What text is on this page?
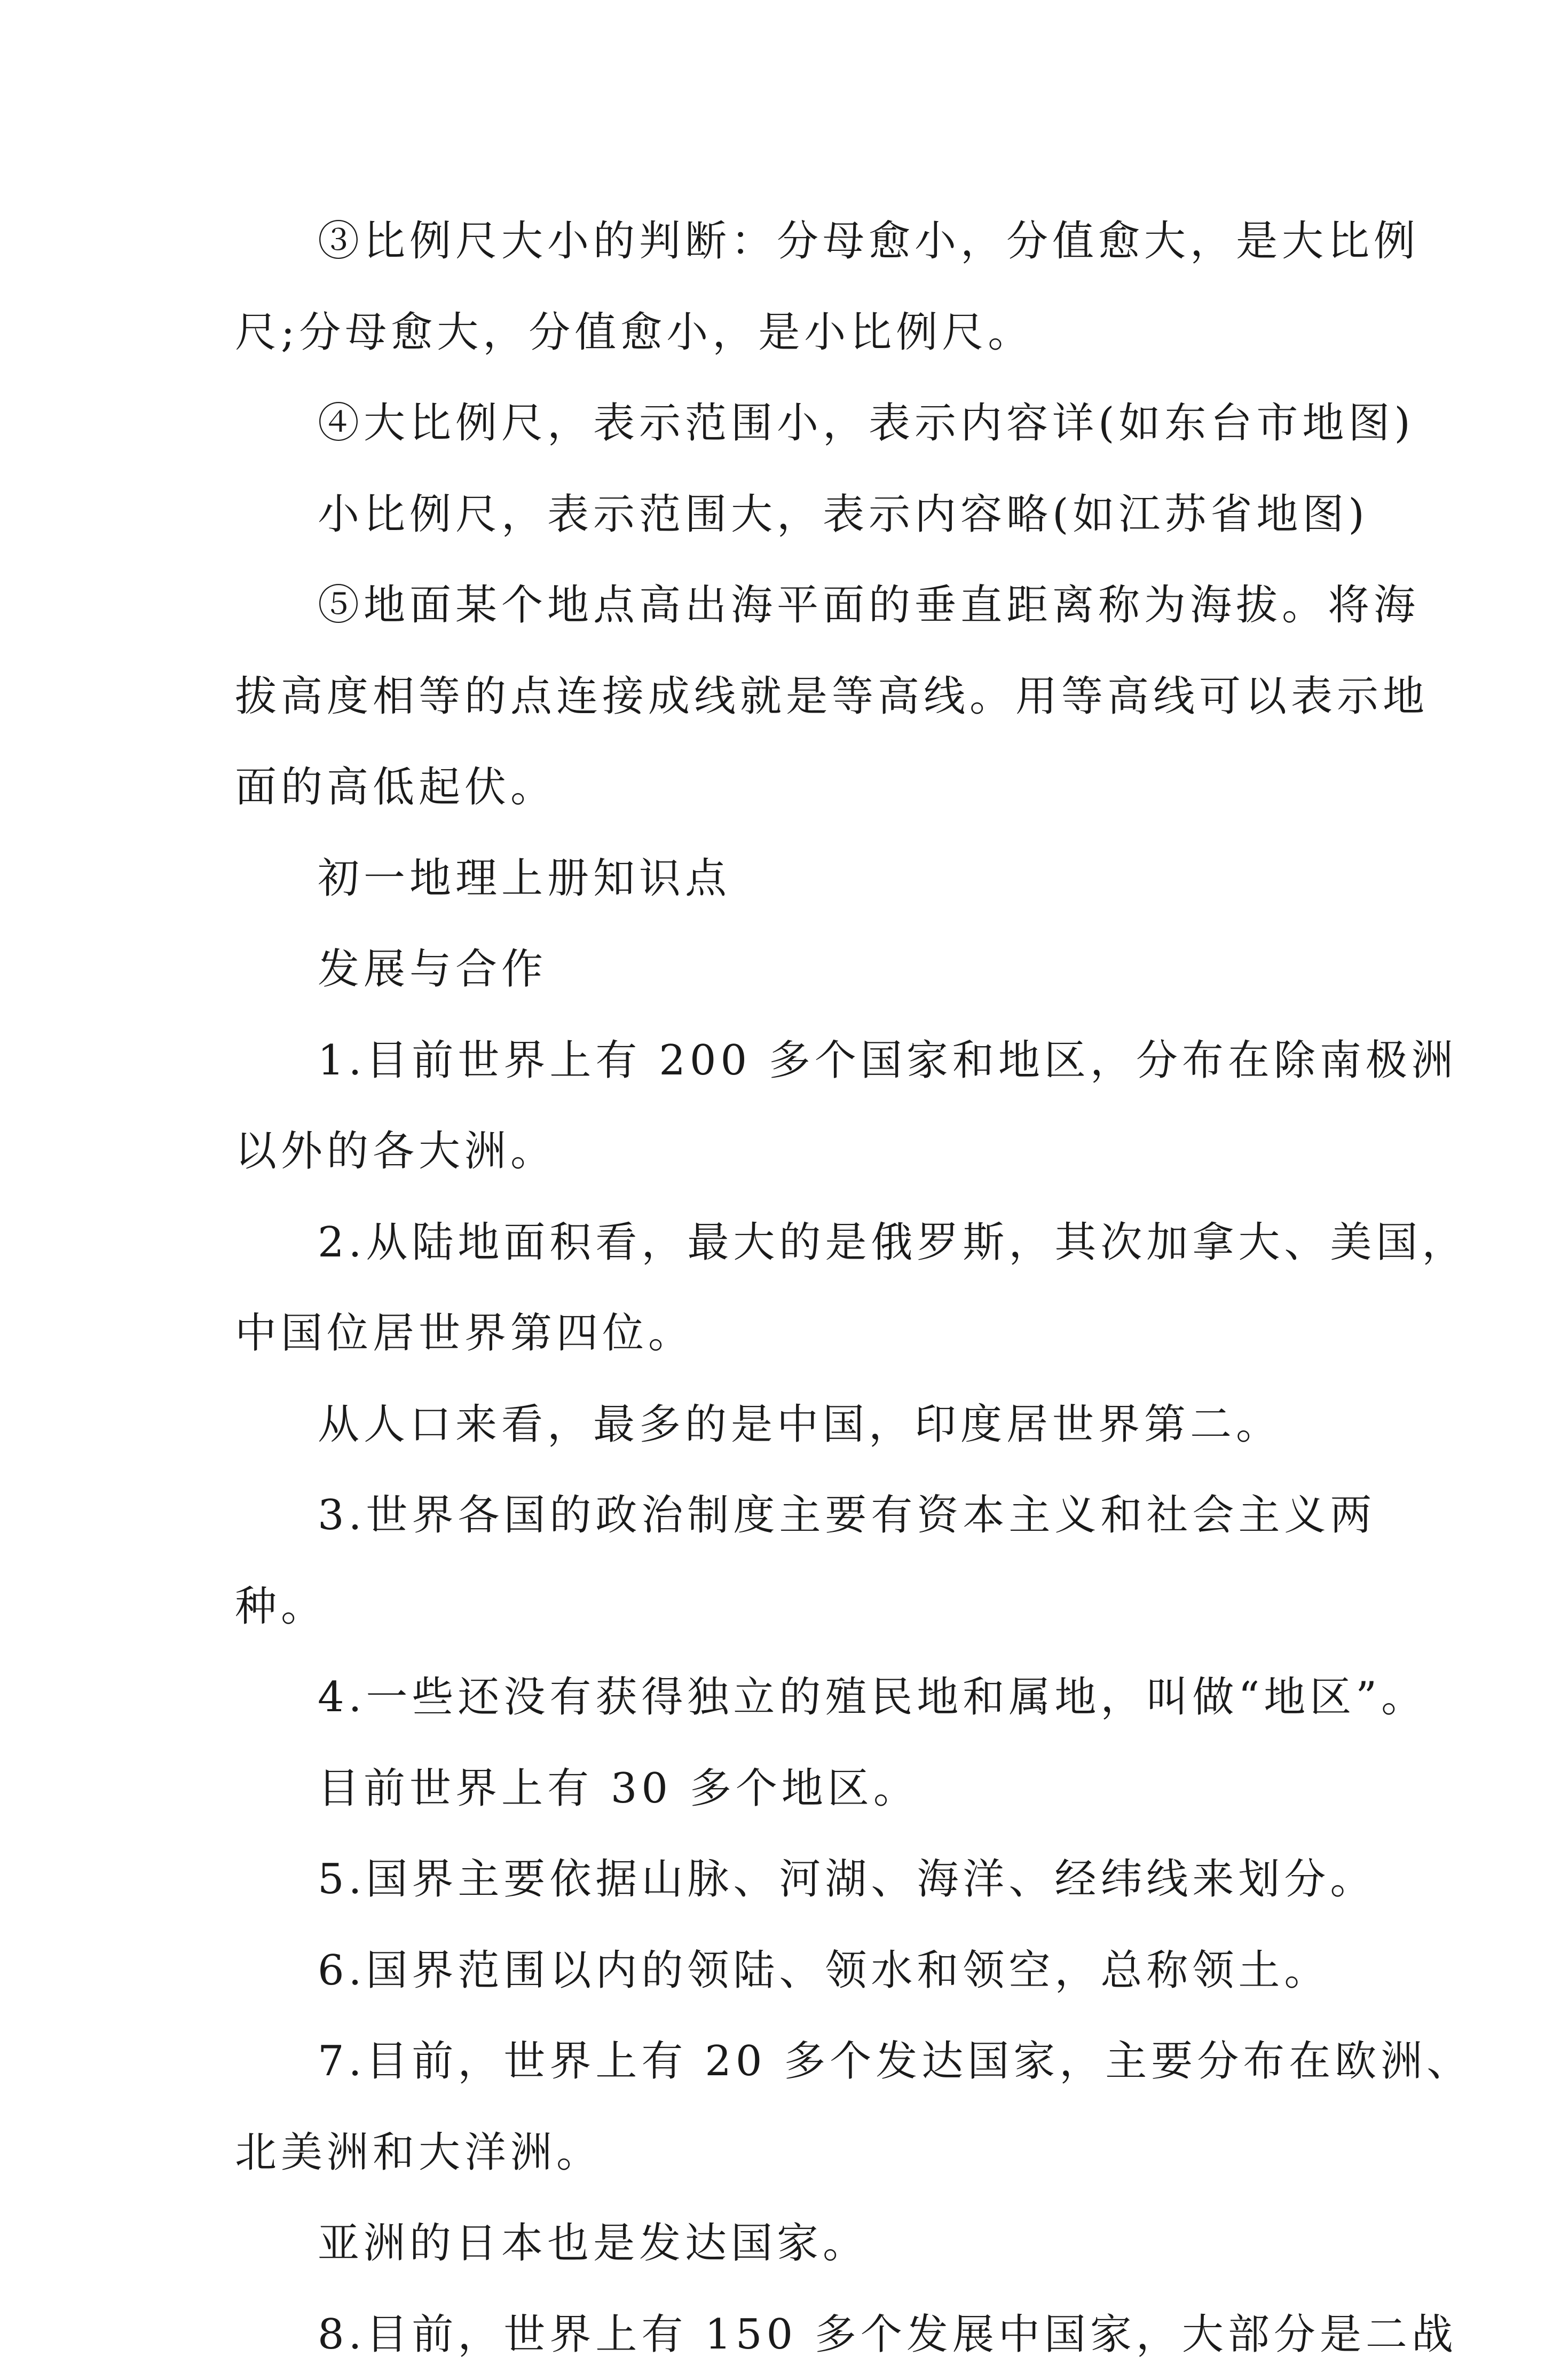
③比例尺大小的判断：分母愈小，分值愈大，是大比例
尺;分母愈大，分值愈小，是小比例尺。
④大比例尺，表示范围小，表示内容详(如东台市地图)
小比例尺，表示范围大，表示内容略(如江苏省地图)
⑤地面某个地点高出海平面的垂直距离称为海拔。将海
拔高度相等的点连接成线就是等高线。用等高线可以表示地
面的高低起伏。
初一地理上册知识点
发展与合作
1.目前世界上有 200 多个国家和地区，分布在除南极洲
以外的各大洲。
2.从陆地面积看，最大的是俄罗斯，其次加拿大、美国，
中国位居世界第四位。
从人口来看，最多的是中国，印度居世界第二。
3.世界各国的政治制度主要有资本主义和社会主义两
种。
4.一些还没有获得独立的殖民地和属地，叫做“地区”。
目前世界上有 30 多个地区。
5.国界主要依据山脉、河湖、海洋、经纬线来划分。
6.国界范围以内的领陆、领水和领空，总称领土。
7.目前，世界上有 20 多个发达国家，主要分布在欧洲、
北美洲和大洋洲。
亚洲的日本也是发达国家。
8.目前，世界上有 150 多个发展中国家，大部分是二战
